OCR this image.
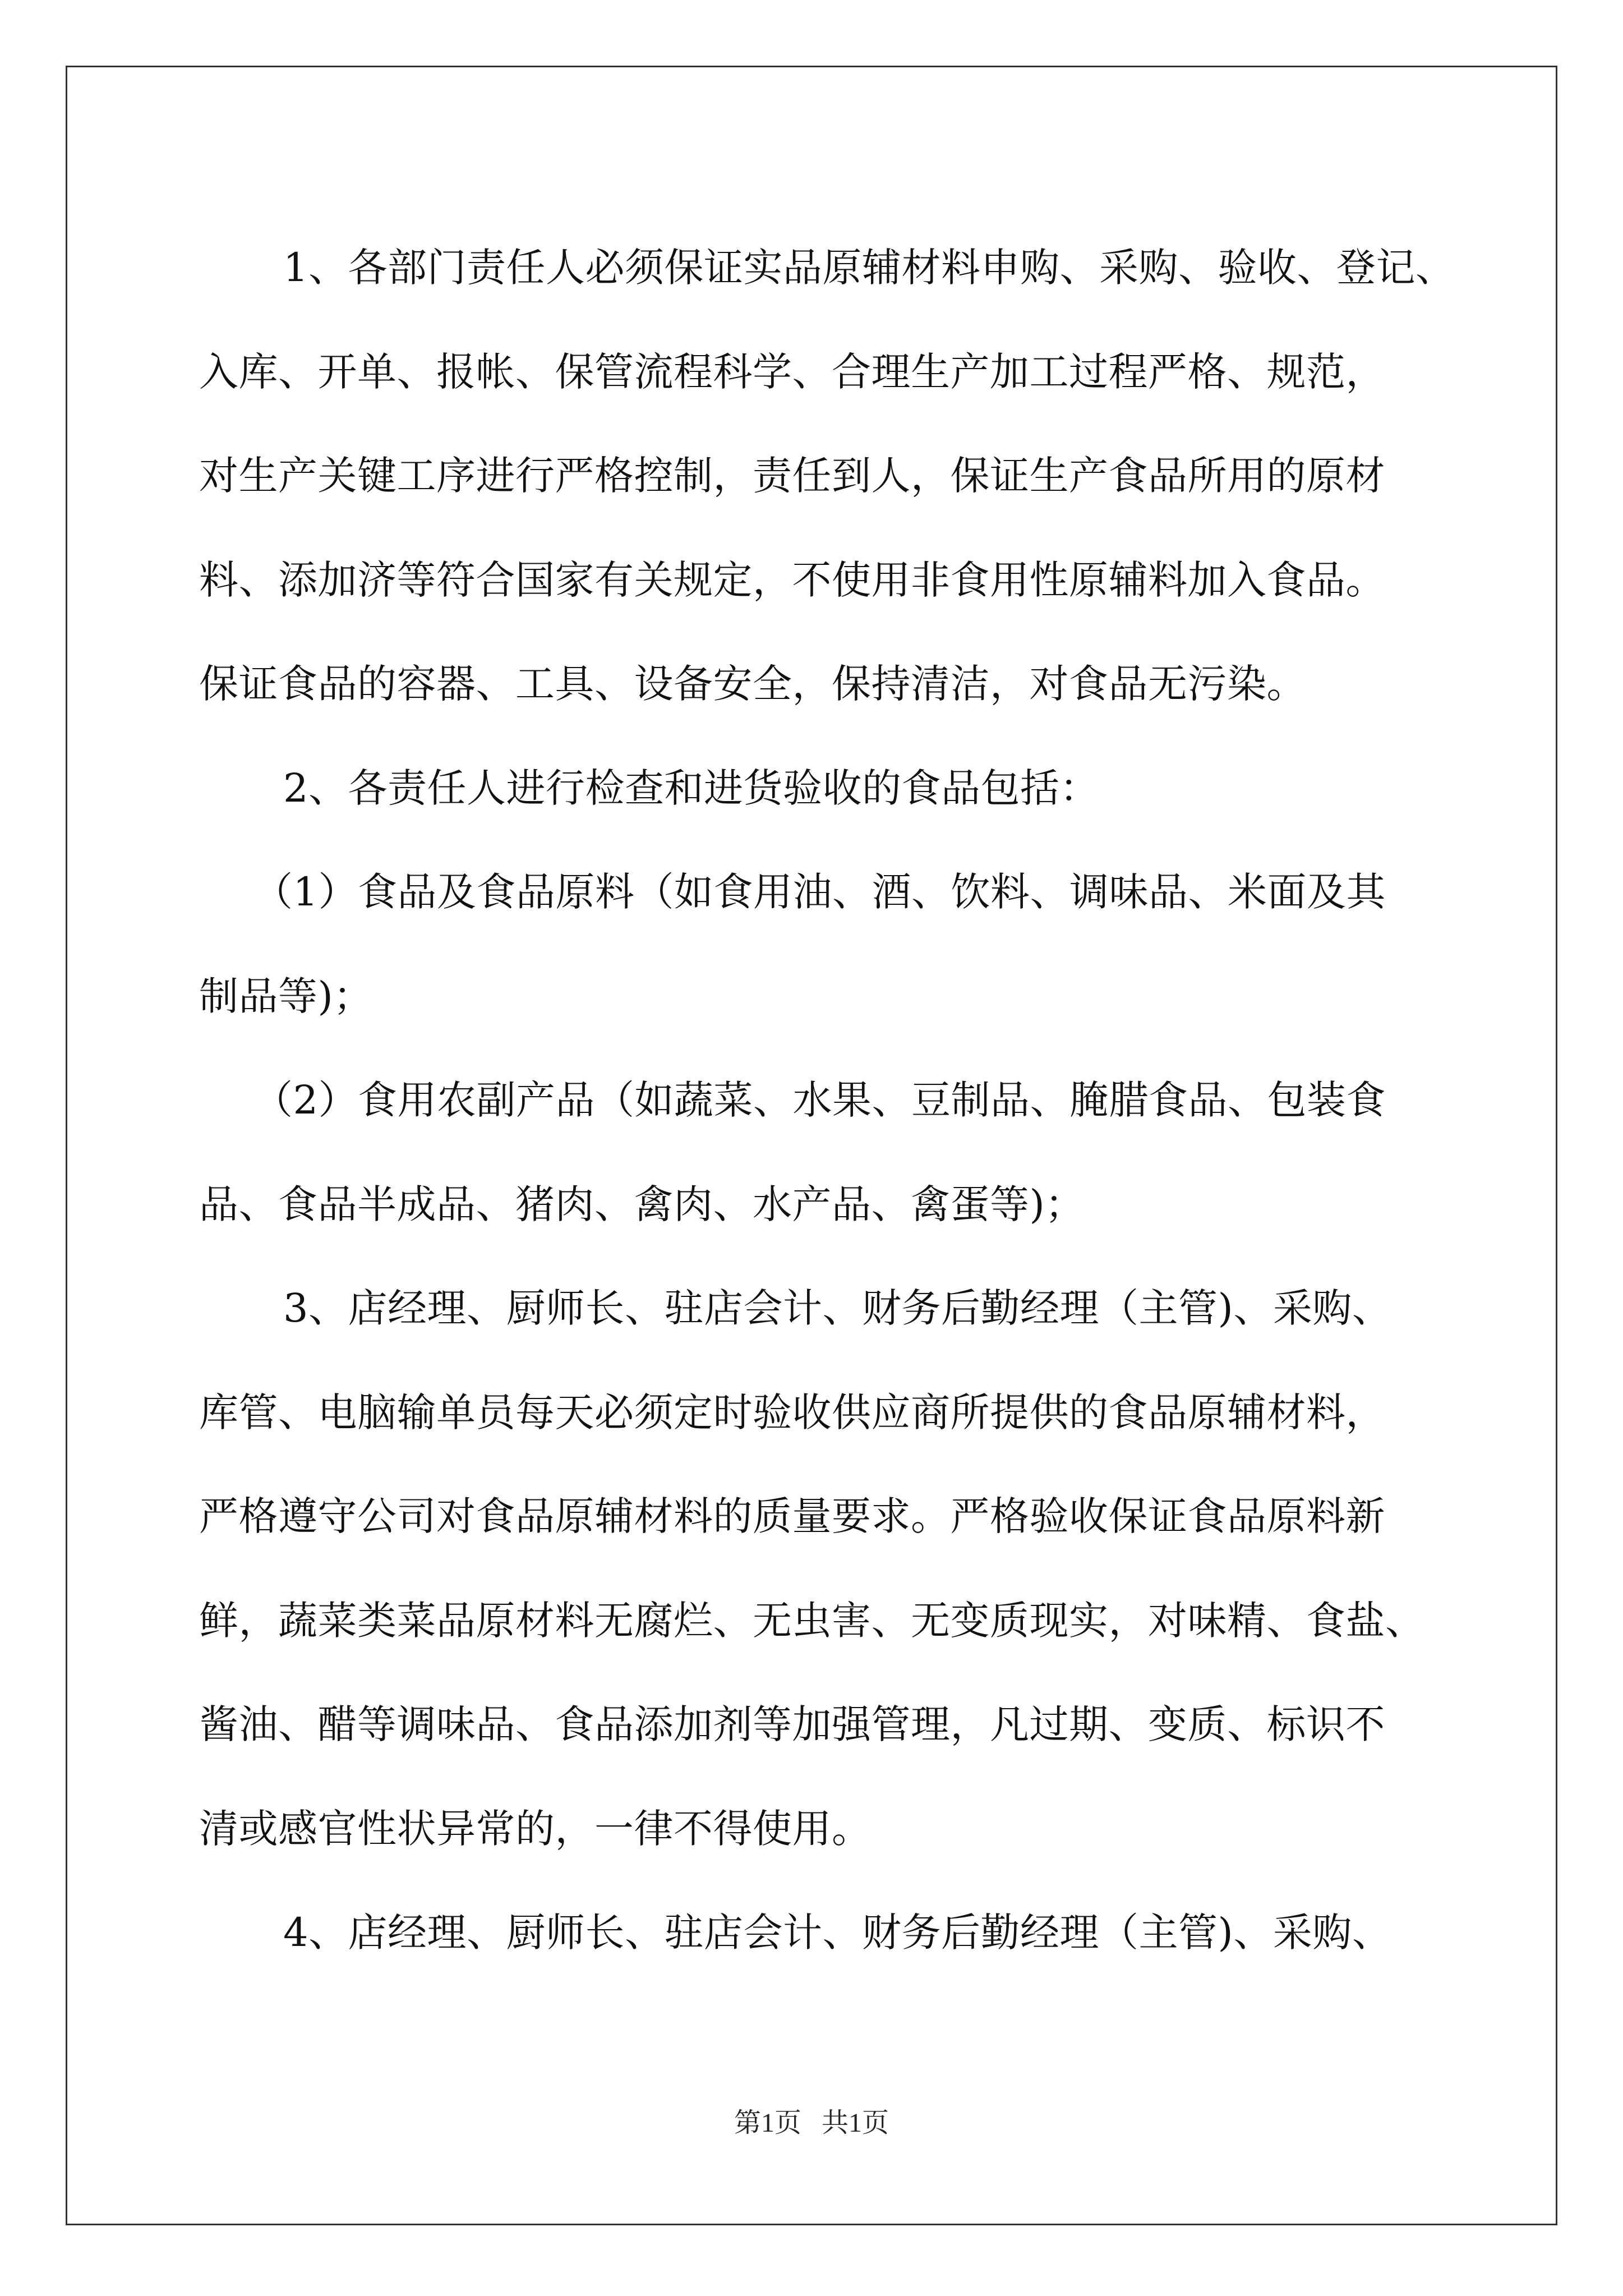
1、各部门责任人必须保证实品原辅材料申购、采购、验收、登记、
入库、开单、报帐、保管流程科学、合理生产加工过程严格、规范，
对生产关键工序进行严格控制，责任到人，保证生产食品所用的原材
料、添加济等符合国家有关规定，不使用非食用性原辅料加入食品。
保证食品的容器、工具、设备安全，保持清洁，对食品无污染。
2、各责任人进行检查和进货验收的食品包括：
（1）食品及食品原料（如食用油、酒、饮料、调味品、米面及其
制品等)；
（2）食用农副产品（如蔬菜、水果、豆制品、腌腊食品、包装食
品、食品半成品、猪肉、禽肉、水产品、禽蛋等)；
3、店经理、厨师长、驻店会计、财务后勤经理（主管)、采购、
库管、电脑输单员每天必须定时验收供应商所提供的食品原辅材料，
严格遵守公司对食品原辅材料的质量要求。严格验收保证食品原料新
鲜，蔬菜类菜品原材料无腐烂、无虫害、无变质现实，对味精、食盐、
酱油、醋等调味品、食品添加剂等加强管理，凡过期、变质、标识不
清或感官性状异常的，一律不得使用。
4、店经理、厨师长、驻店会计、财务后勤经理（主管)、采购、
第1页   共1页
